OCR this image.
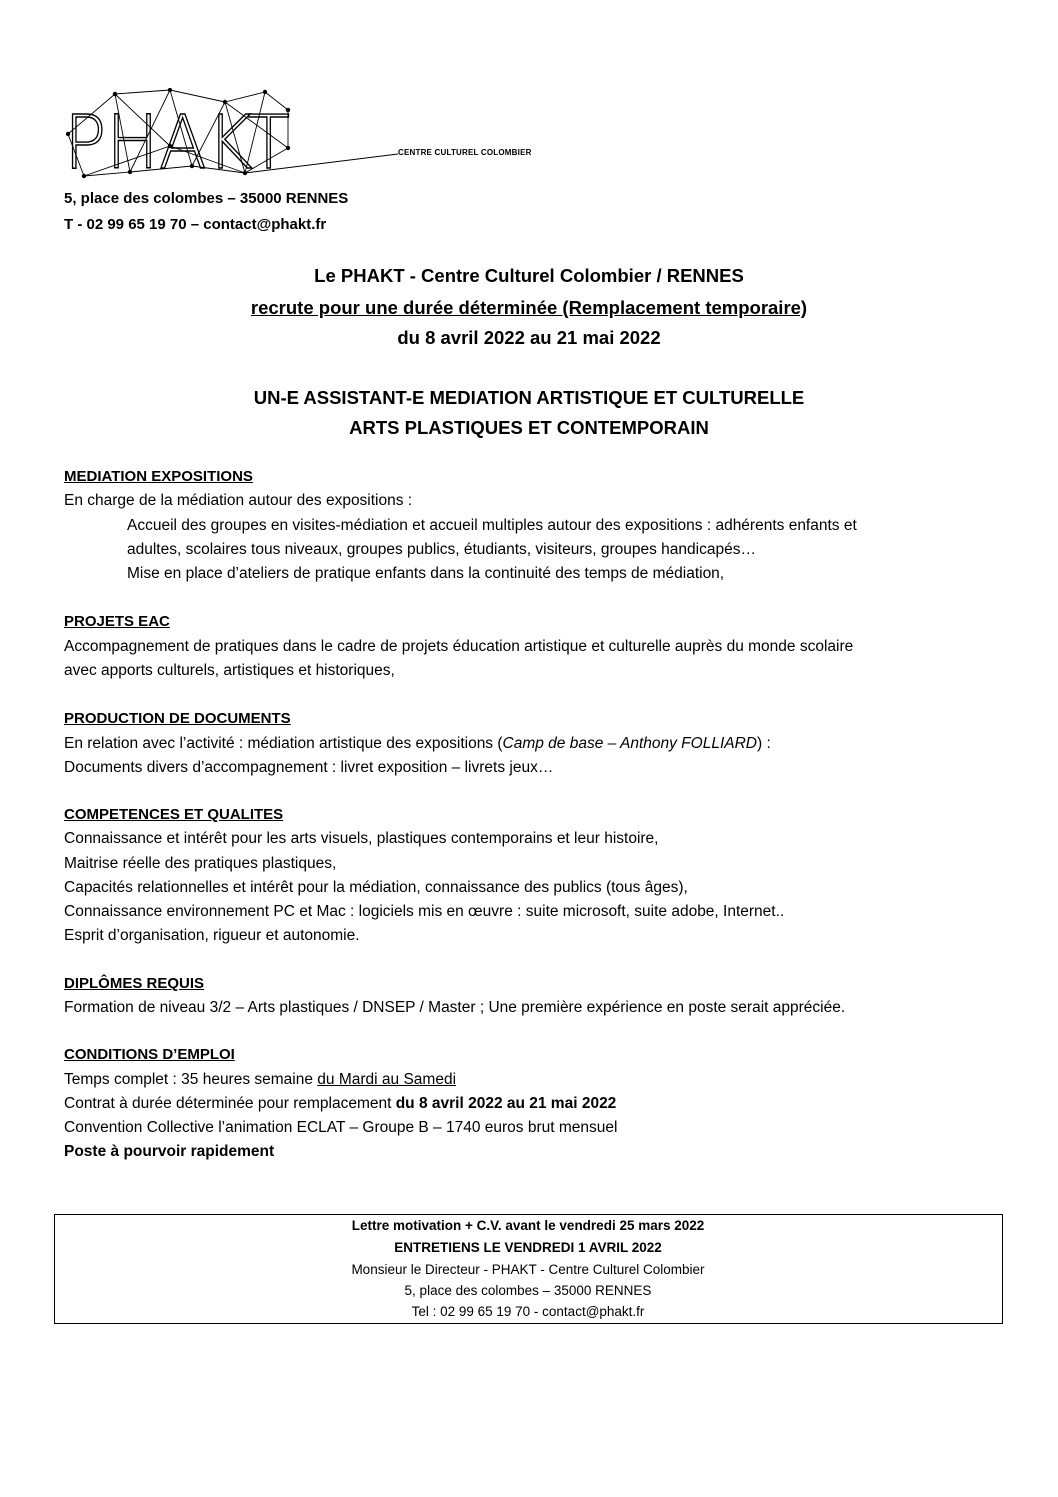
PHAKT	CENTRE CULTUREL COLOMBIER
5, place des colombes – 35000 RENNES
T - 02 99 65 19 70 – contact@phakt.fr
Le PHAKT - Centre Culturel Colombier / RENNES
recrute pour une durée déterminée (Remplacement temporaire)
du 8 avril 2022 au 21 mai 2022
UN-E ASSISTANT-E MEDIATION ARTISTIQUE ET CULTURELLE
ARTS PLASTIQUES ET CONTEMPORAIN
MEDIATION EXPOSITIONS
En charge de la médiation autour des expositions :
Accueil des groupes en visites-médiation et accueil multiples autour des expositions : adhérents enfants et
adultes, scolaires tous niveaux, groupes publics, étudiants, visiteurs, groupes handicapés…
Mise en place d’ateliers de pratique enfants dans la continuité des temps de médiation,
PROJETS EAC
Accompagnement de pratiques dans le cadre de projets éducation artistique et culturelle auprès du monde scolaire
avec apports culturels, artistiques et historiques,
PRODUCTION DE DOCUMENTS
En relation avec l’activité : médiation artistique des expositions (Camp de base – Anthony FOLLIARD) :
Documents divers d’accompagnement : livret exposition – livrets jeux…
COMPETENCES ET QUALITES
Connaissance et intérêt pour les arts visuels, plastiques contemporains et leur histoire,
Maitrise réelle des pratiques plastiques,
Capacités relationnelles et intérêt pour la médiation, connaissance des publics (tous âges),
Connaissance environnement PC et Mac : logiciels mis en œuvre : suite microsoft, suite adobe, Internet..
Esprit d’organisation, rigueur et autonomie.
DIPLÔMES REQUIS
Formation de niveau 3/2 – Arts plastiques / DNSEP / Master ; Une première expérience en poste serait appréciée.
CONDITIONS D’EMPLOI
Temps complet : 35 heures semaine du Mardi au Samedi
Contrat à durée déterminée pour remplacement du 8 avril 2022 au 21 mai 2022
Convention Collective l’animation ECLAT – Groupe B – 1740 euros brut mensuel
Poste à pourvoir rapidement
Lettre motivation + C.V. avant le vendredi 25 mars 2022
ENTRETIENS LE VENDREDI 1 AVRIL 2022
Monsieur le Directeur - PHAKT - Centre Culturel Colombier
5, place des colombes – 35000 RENNES
Tel : 02 99 65 19 70 - contact@phakt.fr
